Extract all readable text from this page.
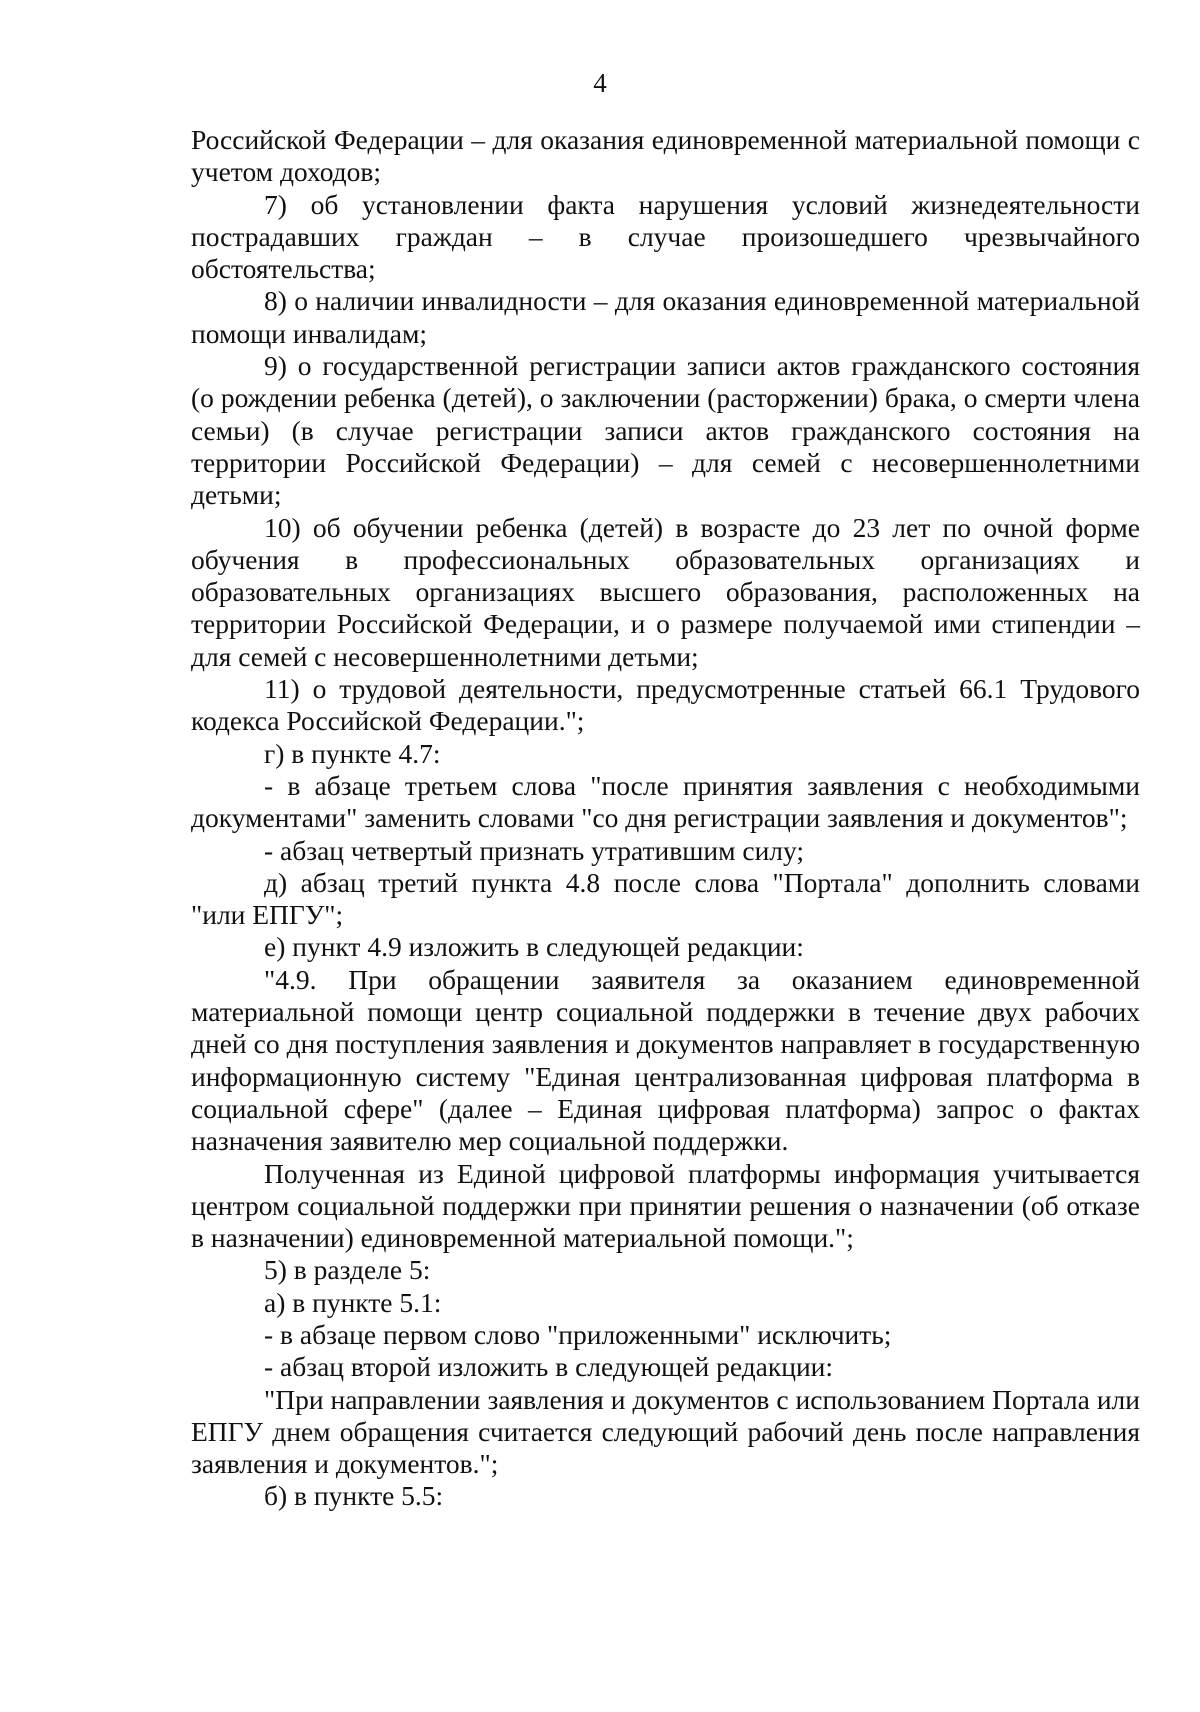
4

Российской Федерации – для оказания единовременной материальной помощи с учетом доходов;

7) об установлении факта нарушения условий жизнедеятельности пострадавших граждан – в случае произошедшего чрезвычайного обстоятельства;

8) о наличии инвалидности – для оказания единовременной материальной помощи инвалидам;

9) о государственной регистрации записи актов гражданского состояния (о рождении ребенка (детей), о заключении (расторжении) брака, о смерти члена семьи) (в случае регистрации записи актов гражданского состояния на территории Российской Федерации) – для семей с несовершеннолетними детьми;

10) об обучении ребенка (детей) в возрасте до 23 лет по очной форме обучения в профессиональных образовательных организациях и образовательных организациях высшего образования, расположенных на территории Российской Федерации, и о размере получаемой ими стипендии – для семей с несовершеннолетними детьми;

11) о трудовой деятельности, предусмотренные статьей 66.1 Трудового кодекса Российской Федерации.";

г) в пункте 4.7:

- в абзаце третьем слова "после принятия заявления с необходимыми документами" заменить словами "со дня регистрации заявления и документов";

- абзац четвертый признать утратившим силу;

д) абзац третий пункта 4.8 после слова "Портала" дополнить словами "или ЕПГУ";

е) пункт 4.9 изложить в следующей редакции:

"4.9. При обращении заявителя за оказанием единовременной материальной помощи центр социальной поддержки в течение двух рабочих дней со дня поступления заявления и документов направляет в государственную информационную систему "Единая централизованная цифровая платформа в социальной сфере" (далее – Единая цифровая платформа) запрос о фактах назначения заявителю мер социальной поддержки.

Полученная из Единой цифровой платформы информация учитывается центром социальной поддержки при принятии решения о назначении (об отказе в назначении) единовременной материальной помощи.";

5) в разделе 5:

а) в пункте 5.1:

- в абзаце первом слово "приложенными" исключить;

- абзац второй изложить в следующей редакции:

"При направлении заявления и документов с использованием Портала или ЕПГУ днем обращения считается следующий рабочий день после направления заявления и документов.";

б) в пункте 5.5:
